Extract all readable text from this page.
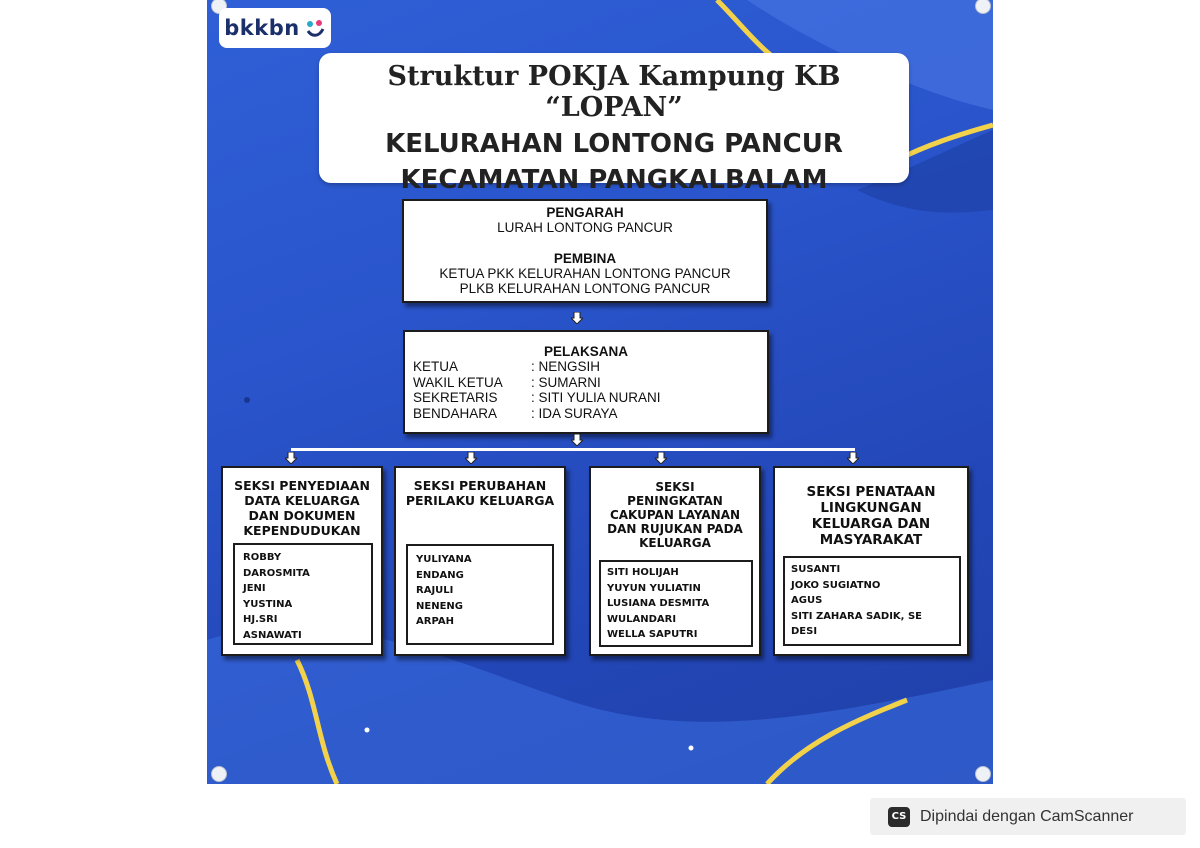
bkkbn
Struktur POKJA Kampung KB “LOPAN”
KELURAHAN LONTONG PANCUR
KECAMATAN PANGKALBALAM
PENGARAH
LURAH LONTONG PANCUR
PEMBINA
KETUA PKK KELURAHAN LONTONG PANCUR
PLKB KELURAHAN LONTONG PANCUR
PELAKSANA
KETUA	: NENGSIH
WAKIL KETUA	: SUMARNI
SEKRETARIS	: SITI YULIA NURANI
BENDAHARA	: IDA SURAYA
SEKSI PENYEDIAAN
DATA KELUARGA
DAN DOKUMEN
KEPENDUDUKAN
ROBBY
DAROSMITA
JENI
YUSTINA
HJ.SRI
ASNAWATI
SEKSI PERUBAHAN
PERILAKU KELUARGA
YULIYANA
ENDANG
RAJULI
NENENG
ARPAH
SEKSI
PENINGKATAN
CAKUPAN LAYANAN
DAN RUJUKAN PADA
KELUARGA
SITI HOLIJAH
YUYUN YULIATIN
LUSIANA DESMITA
WULANDARI
WELLA SAPUTRI
SEKSI PENATAAN
LINGKUNGAN
KELUARGA DAN
MASYARAKAT
SUSANTI
JOKO SUGIATNO
AGUS
SITI ZAHARA SADIK, SE
DESI
CS Dipindai dengan CamScanner
